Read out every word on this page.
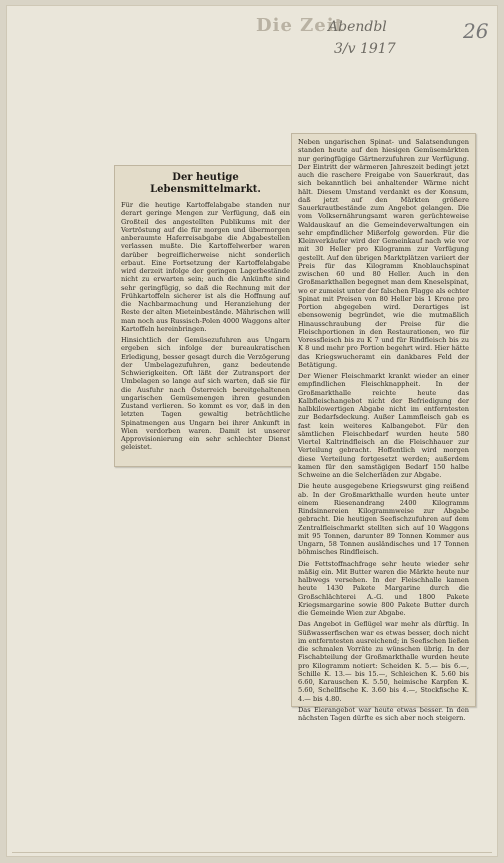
Die Zeit
Abendbl
3/v 1917
26
Der heutige Lebensmittelmarkt.

Für die heutige Kartoffelabgabe standen nur derart geringe Mengen zur Verfügung, daß ein Großteil des angestellten Publikums mit der Vertröstung auf die für morgen und übermorgen anberaumte Haferreisabgabe die Abgabestellen verlassen mußte. Die Kartoffelwerber waren darüber begreiflicherweise nicht sonderlich erbaut. Eine Fortsetzung der Kartoffelabgabe wird derzeit infolge der geringen Lagerbestände nicht zu erwarten sein; auch die Ankünfte sind sehr geringfügig, so daß die Rechnung mit der Frühkartoffeln sicherer ist als die Hoffnung auf die Nachbarmachung und Heranziehung der Reste der alten Mieteinbestände. Mährischen will man noch aus Russisch-Polen 4000 Waggons alter Kartoffeln hereinbringen.

Hinsichtlich der Gemüsezufuhren aus Ungarn ergeben sich infolge der bureaukratischen Erledigung, besser gesagt durch die Verzögerung der Umbelagezufuhren, ganz bedeutende Schwierigkeiten. Oft läßt der Zutransport der Umbelagen so lange auf sich warten, daß sie für die Ausfuhr nach Österreich bereitgehaltenen ungarischen Gemüsemengen ihren gesunden Zustand verlieren. So kommt es vor, daß in den letzten Tagen gewaltig beträchtliche Spinatmengen aus Ungarn bei ihrer Ankunft in Wien verdorben waren. Damit ist unserer Approvisionierung ein sehr schlechter Dienst geleistet.

Neben ungarischen Spinat- und Salatsendungen standen heute auf den hiesigen Gemüsemärkten nur geringfügige Gärtnerzufuhren zur Verfügung. Der Eintritt der wärmeren Jahreszeit bedingt jetzt auch die raschere Freigabe von Sauerkraut, das sich bekanntlich bei anhaltender Wärme nicht hält. Diesem Umstand verdankt es der Konsum, daß jetzt auf den Märkten größere Sauerkrautbestände zum Angebot gelangen. Die vom Volksernährungsamt waren gerüchteweise Waldauskauf an die Gemeindeverwaltungen ein sehr empfindlicher Mißerfolg geworden. Für die Kleinverkäufer wird der Gemeinkauf nach wie vor mit 30 Heller pro Kilogramm zur Verfügung gestellt. Auf den übrigen Marktplätzen variiert der Preis für das Kilogramm Knoblauchspinat zwischen 60 und 80 Heller. Auch in den Großmarkthallen begegnet man dem Kneselspinat, wo er zumeist unter der falschen Flagge als echter Spinat mit Preisen von 80 Heller bis 1 Krone pro Portion abgegeben wird. Derartiges ist ebensowenig begründet, wie die mutmaßlich Hinausschraubung der Preise für die Fleischportionen in den Restaurationen, wo für Voressfleisch bis zu K 7 und für Rindfleisch bis zu K 8 und mehr pro Portion begehrt wird. Hier hätte das Kriegswucheramt ein dankbares Feld der Betätigung.

Der Wiener Fleischmarkt krankt wieder an einer empfindlichen Fleischknappheit. In der Großmarkthalle reichte heute das Kalbfleischangebot nicht der Befriedigung der halbkilowertigen Abgabe nicht im entferntesten zur Bedarfsdeckung. Außer Lammfleisch gab es fast kein weiteres Kalbangebot. Für den sämtlichen Fleischbedarf wurden heute 580 Viertel Kaltrindfleisch an die Fleischhauer zur Verteilung gebracht. Hoffentlich wird morgen diese Verteilung fortgesetzt werden; außerdem kamen für den samstägigen Bedarf 150 halbe Schweine an die Selcherläden zur Abgabe.

Die heute ausgegebene Kriegswurst ging reißend ab. In der Großmarkthalle wurden heute unter einem Riesenandrang 2400 Kilogramm Rindsinnereien Kilogrammweise zur Abgabe gebracht. Die heutigen Seefischzufuhren auf dem Zentralfleischmarkt stellten sich auf 10 Waggons mit 95 Tonnen, darunter 89 Tonnen Kommer aus Ungarn, 58 Tonnen ausländisches und 17 Tonnen böhmisches Rindfleisch.

Die Fettstoffnachfrage sehr heute wieder sehr mäßig ein. Mit Butter waren die Märkte heute nur halbwegs versehen. In der Fleischhalle kamen heute 1430 Pakete Margarine durch die Großschlächterei A.-G. und 1800 Pakete Kriegsmargarine sowie 800 Pakete Butter durch die Gemeinde Wien zur Abgabe.

Das Angebot in Geflügel war mehr als dürftig. In Süßwasserfischen war es etwas besser, doch nicht im entferntesten ausreichend; in Seefischen ließen die schmalen Vorräte zu wünschen übrig. In der Fischabteilung der Großmarkthalle wurden heute pro Kilogramm notiert: Scheiden K. 5.— bis 6.—, Schille K. 13.— bis 15.—, Schleichen K. 5.60 bis 6.60, Karauschen K. 5.50, heimische Karpfen K. 5.60, Schellfische K. 3.60 bis 4.—, Stockfische K. 4.— bis 4.80.

Das Eierangebot war heute etwas besser. In den nächsten Tagen dürfte es sich aber noch steigern.
